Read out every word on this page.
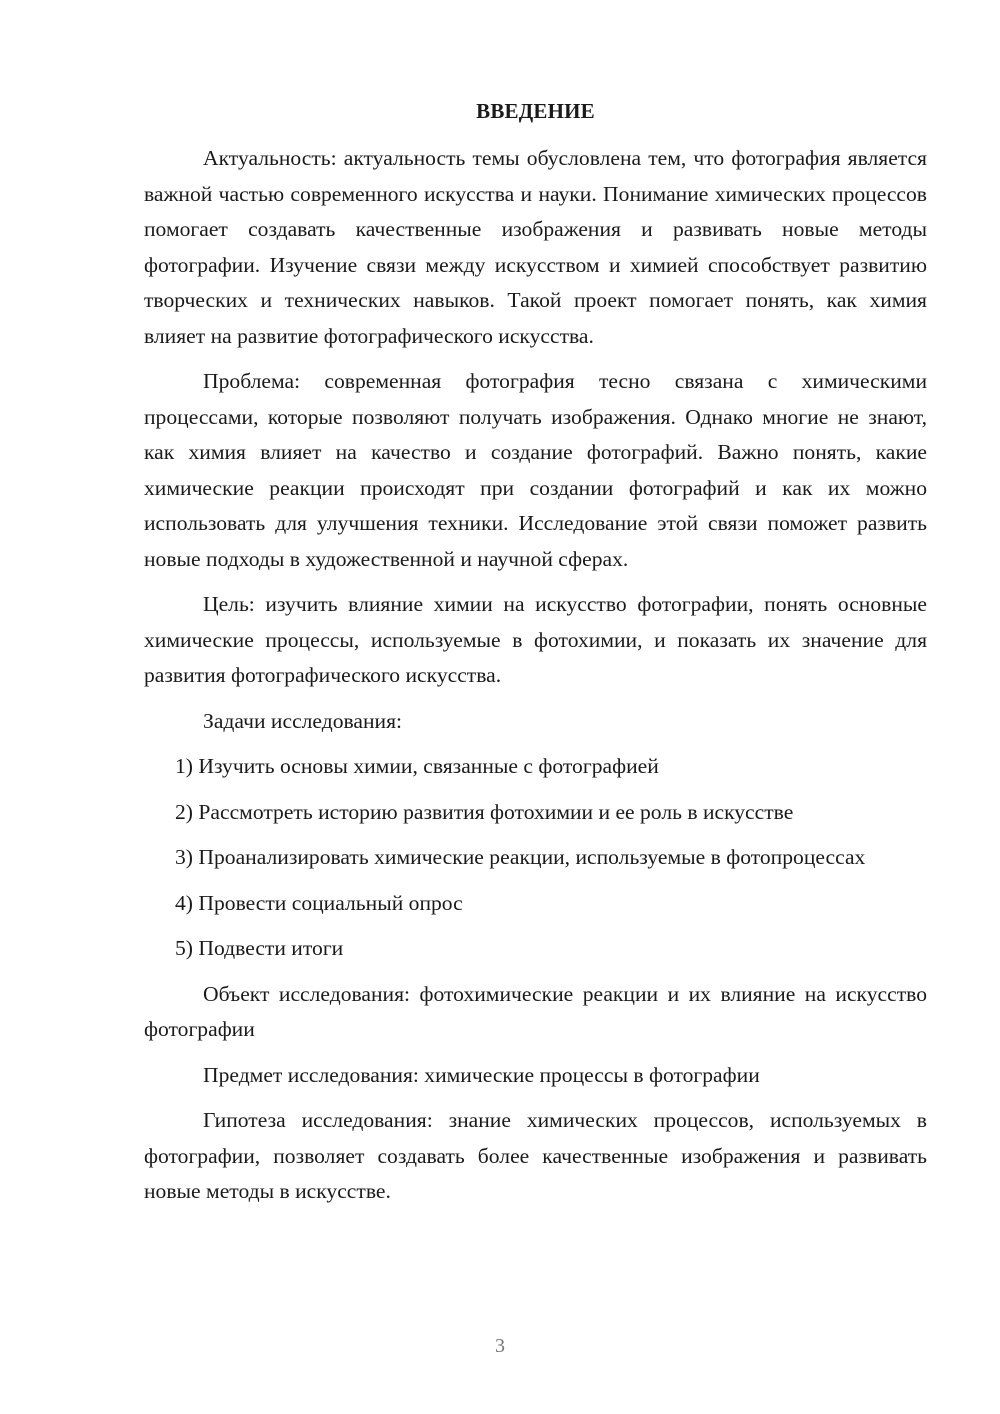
ВВЕДЕНИЕ

Актуальность: актуальность темы обусловлена тем, что фотография является важной частью современного искусства и науки. Понимание химических процессов помогает создавать качественные изображения и развивать новые методы фотографии. Изучение связи между искусством и химией способствует развитию творческих и технических навыков. Такой проект помогает понять, как химия влияет на развитие фотографического искусства.

Проблема: современная фотография тесно связана с химическими процессами, которые позволяют получать изображения. Однако многие не знают, как химия влияет на качество и создание фотографий. Важно понять, какие химические реакции происходят при создании фотографий и как их можно использовать для улучшения техники. Исследование этой связи поможет развить новые подходы в художественной и научной сферах.

Цель: изучить влияние химии на искусство фотографии, понять основные химические процессы, используемые в фотохимии, и показать их значение для развития фотографического искусства.

Задачи исследования:

1) Изучить основы химии, связанные с фотографией

2) Рассмотреть историю развития фотохимии и ее роль в искусстве

3) Проанализировать химические реакции, используемые в фотопроцессах

4) Провести социальный опрос

5) Подвести итоги

Объект исследования: фотохимические реакции и их влияние на искусство фотографии

Предмет исследования: химические процессы в фотографии

Гипотеза исследования: знание химических процессов, используемых в фотографии, позволяет создавать более качественные изображения и развивать новые методы в искусстве.

3
